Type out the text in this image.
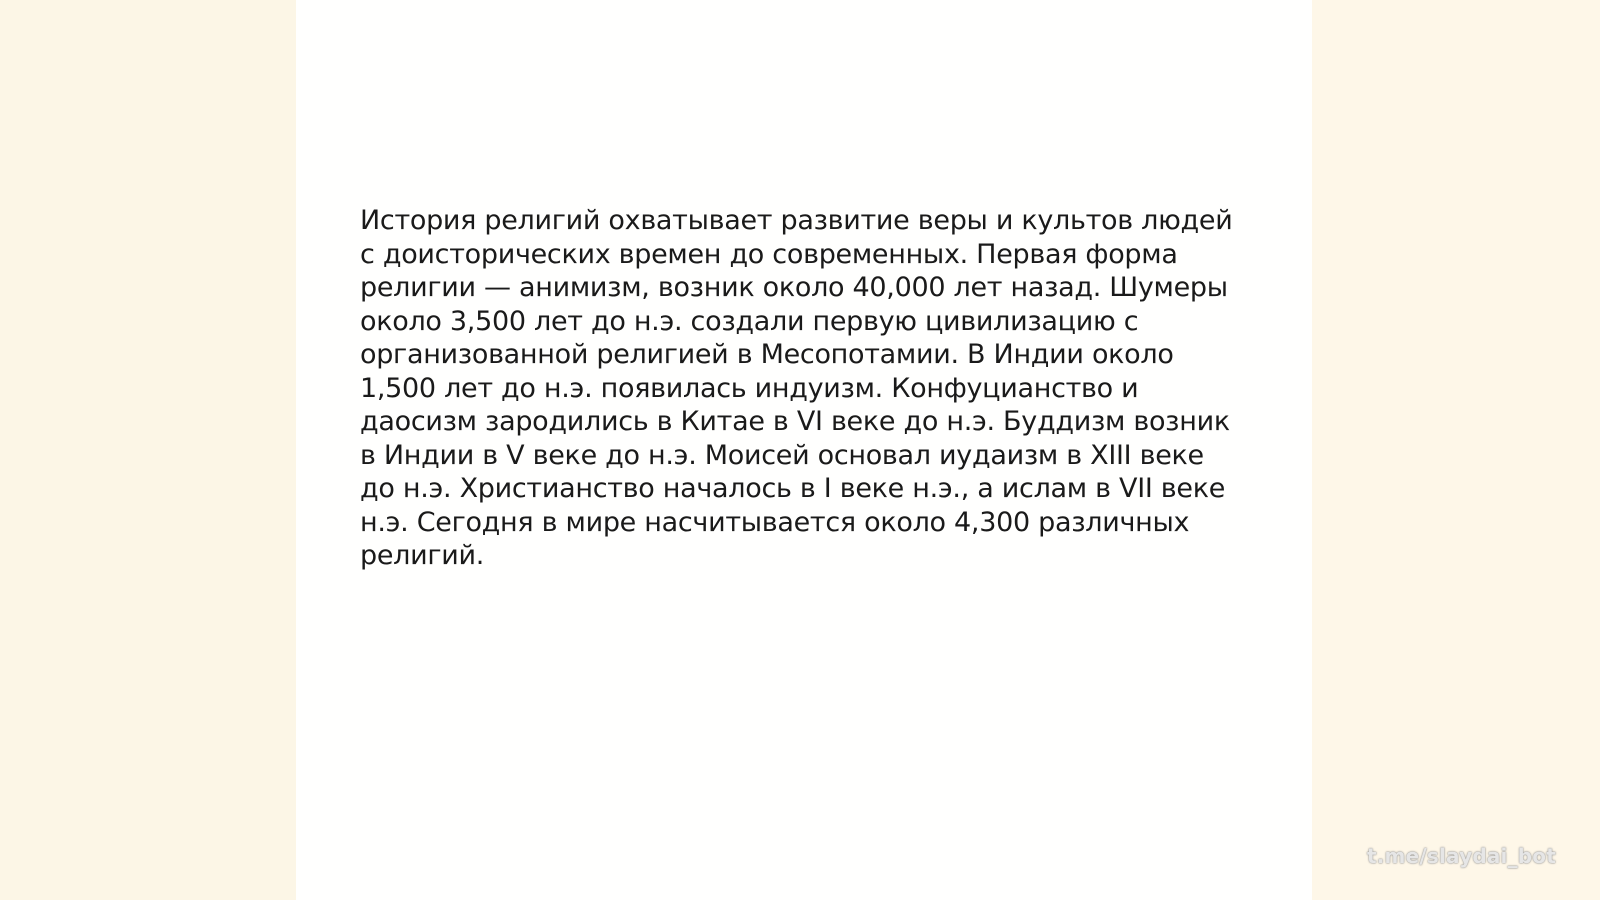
История религий охватывает развитие веры и культов людей с доисторических времен до современных. Первая форма религии — анимизм, возник около 40,000 лет назад. Шумеры около 3,500 лет до н.э. создали первую цивилизацию с организованной религией в Месопотамии. В Индии около 1,500 лет до н.э. появилась индуизм. Конфуцианство и даосизм зародились в Китае в VI веке до н.э. Буддизм возник в Индии в V веке до н.э. Моисей основал иудаизм в XIII веке до н.э. Христианство началось в I веке н.э., а ислам в VII веке н.э. Сегодня в мире насчитывается около 4,300 различных религий.

t.me/slaydai_bot
